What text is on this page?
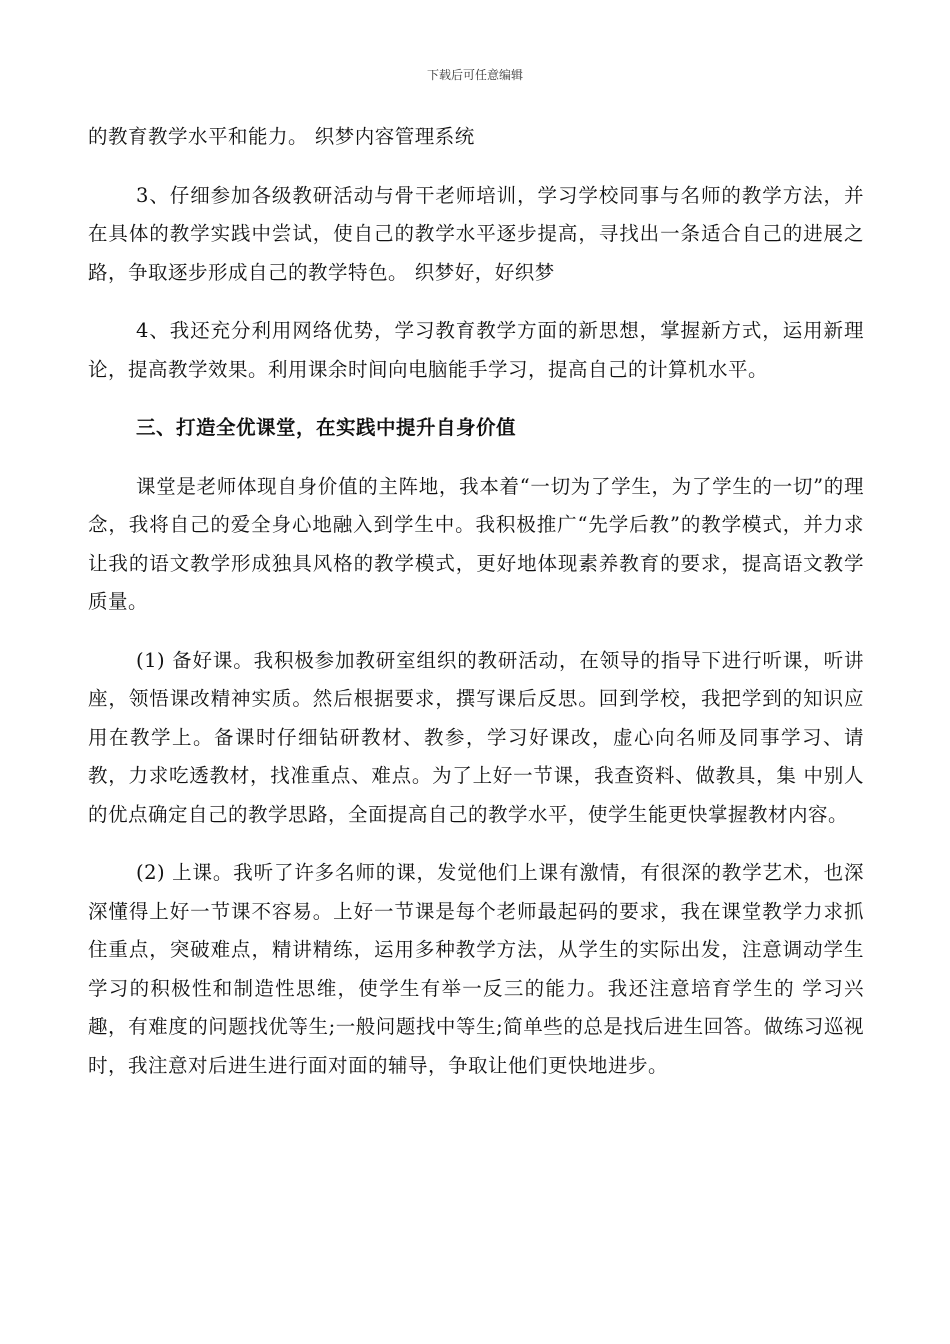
下载后可任意编辑

的教育教学水平和能力。 织梦内容管理系统

3、仔细参加各级教研活动与骨干老师培训，学习学校同事与名师的教学方法，并在具体的教学实践中尝试，使自己的教学水平逐步提高，寻找出一条适合自己的进展之路，争取逐步形成自己的教学特色。 织梦好，好织梦

4、我还充分利用网络优势，学习教育教学方面的新思想，掌握新方式，运用新理论，提高教学效果。利用课余时间向电脑能手学习，提高自己的计算机水平。

三、打造全优课堂，在实践中提升自身价值

课堂是老师体现自身价值的主阵地，我本着“一切为了学生，为了学生的一切”的理念，我将自己的爱全身心地融入到学生中。我积极推广“先学后教”的教学模式，并力求让我的语文教学形成独具风格的教学模式，更好地体现素养教育的要求，提高语文教学质量。

(1) 备好课。我积极参加教研室组织的教研活动，在领导的指导下进行听课，听讲座，领悟课改精神实质。然后根据要求，撰写课后反思。回到学校，我把学到的知识应 用在教学上。备课时仔细钻研教材、教参，学习好课改，虚心向名师及同事学习、请教，力求吃透教材，找准重点、难点。为了上好一节课，我查资料、做教具，集 中别人的优点确定自己的教学思路，全面提高自己的教学水平，使学生能更快掌握教材内容。

(2) 上课。我听了许多名师的课，发觉他们上课有激情，有很深的教学艺术，也深深懂得上好一节课不容易。上好一节课是每个老师最起码的要求，我在课堂教学力求抓 住重点，突破难点，精讲精练，运用多种教学方法，从学生的实际出发，注意调动学生学习的积极性和制造性思维，使学生有举一反三的能力。我还注意培育学生的 学习兴趣，有难度的问题找优等生;一般问题找中等生;简单些的总是找后进生回答。做练习巡视时，我注意对后进生进行面对面的辅导，争取让他们更快地进步。
